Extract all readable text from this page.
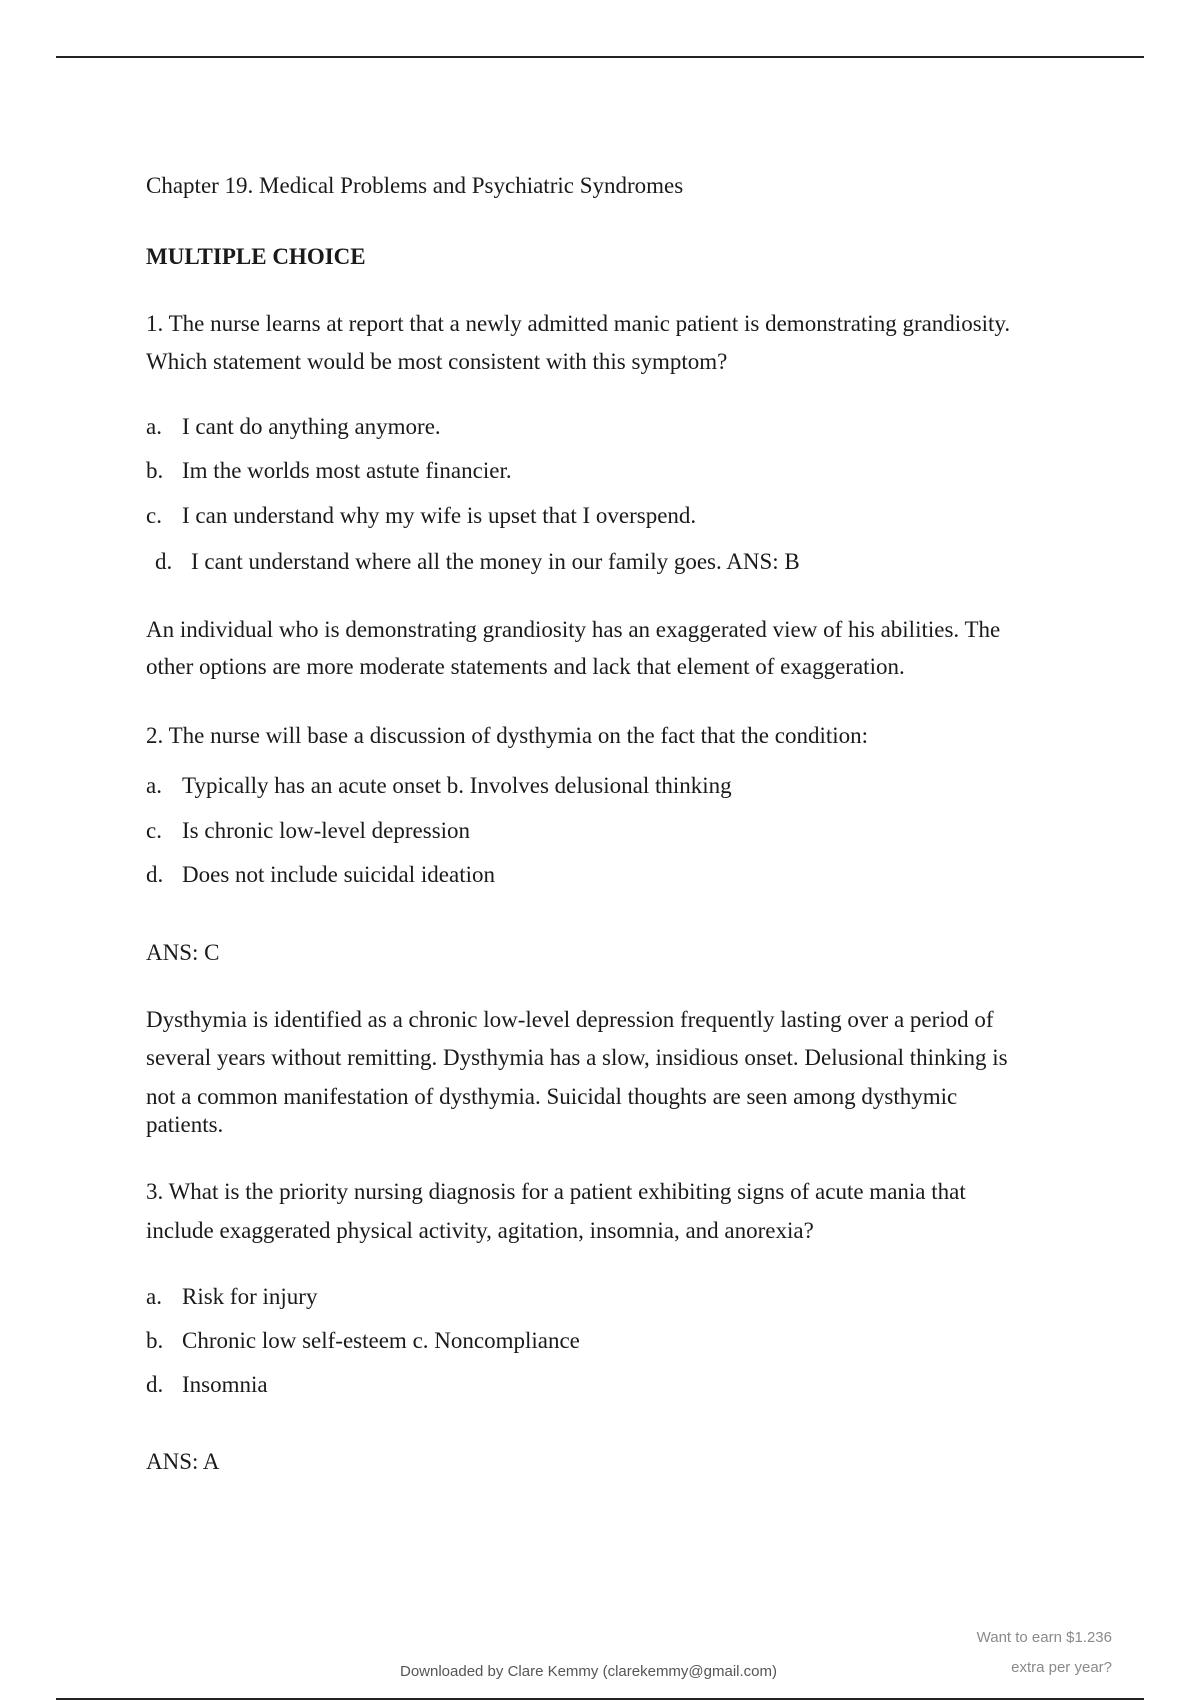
Chapter 19. Medical Problems and Psychiatric Syndromes
MULTIPLE CHOICE
1. The nurse learns at report that a newly admitted manic patient is demonstrating grandiosity.
Which statement would be most consistent with this symptom?
a. I cant do anything anymore.
b. Im the worlds most astute financier.
c. I can understand why my wife is upset that I overspend.
d. I cant understand where all the money in our family goes. ANS: B
An individual who is demonstrating grandiosity has an exaggerated view of his abilities. The
other options are more moderate statements and lack that element of exaggeration.
2. The nurse will base a discussion of dysthymia on the fact that the condition:
a. Typically has an acute onset b. Involves delusional thinking
c. Is chronic low-level depression
d. Does not include suicidal ideation
ANS: C
Dysthymia is identified as a chronic low-level depression frequently lasting over a period of
several years without remitting. Dysthymia has a slow, insidious onset. Delusional thinking is
not a common manifestation of dysthymia. Suicidal thoughts are seen among dysthymic
patients.
3. What is the priority nursing diagnosis for a patient exhibiting signs of acute mania that
include exaggerated physical activity, agitation, insomnia, and anorexia?
a. Risk for injury
b. Chronic low self-esteem c. Noncompliance
d. Insomnia
ANS: A
Want to earn $1.236
extra per year?
Downloaded by Clare Kemmy (clarekemmy@gmail.com)
